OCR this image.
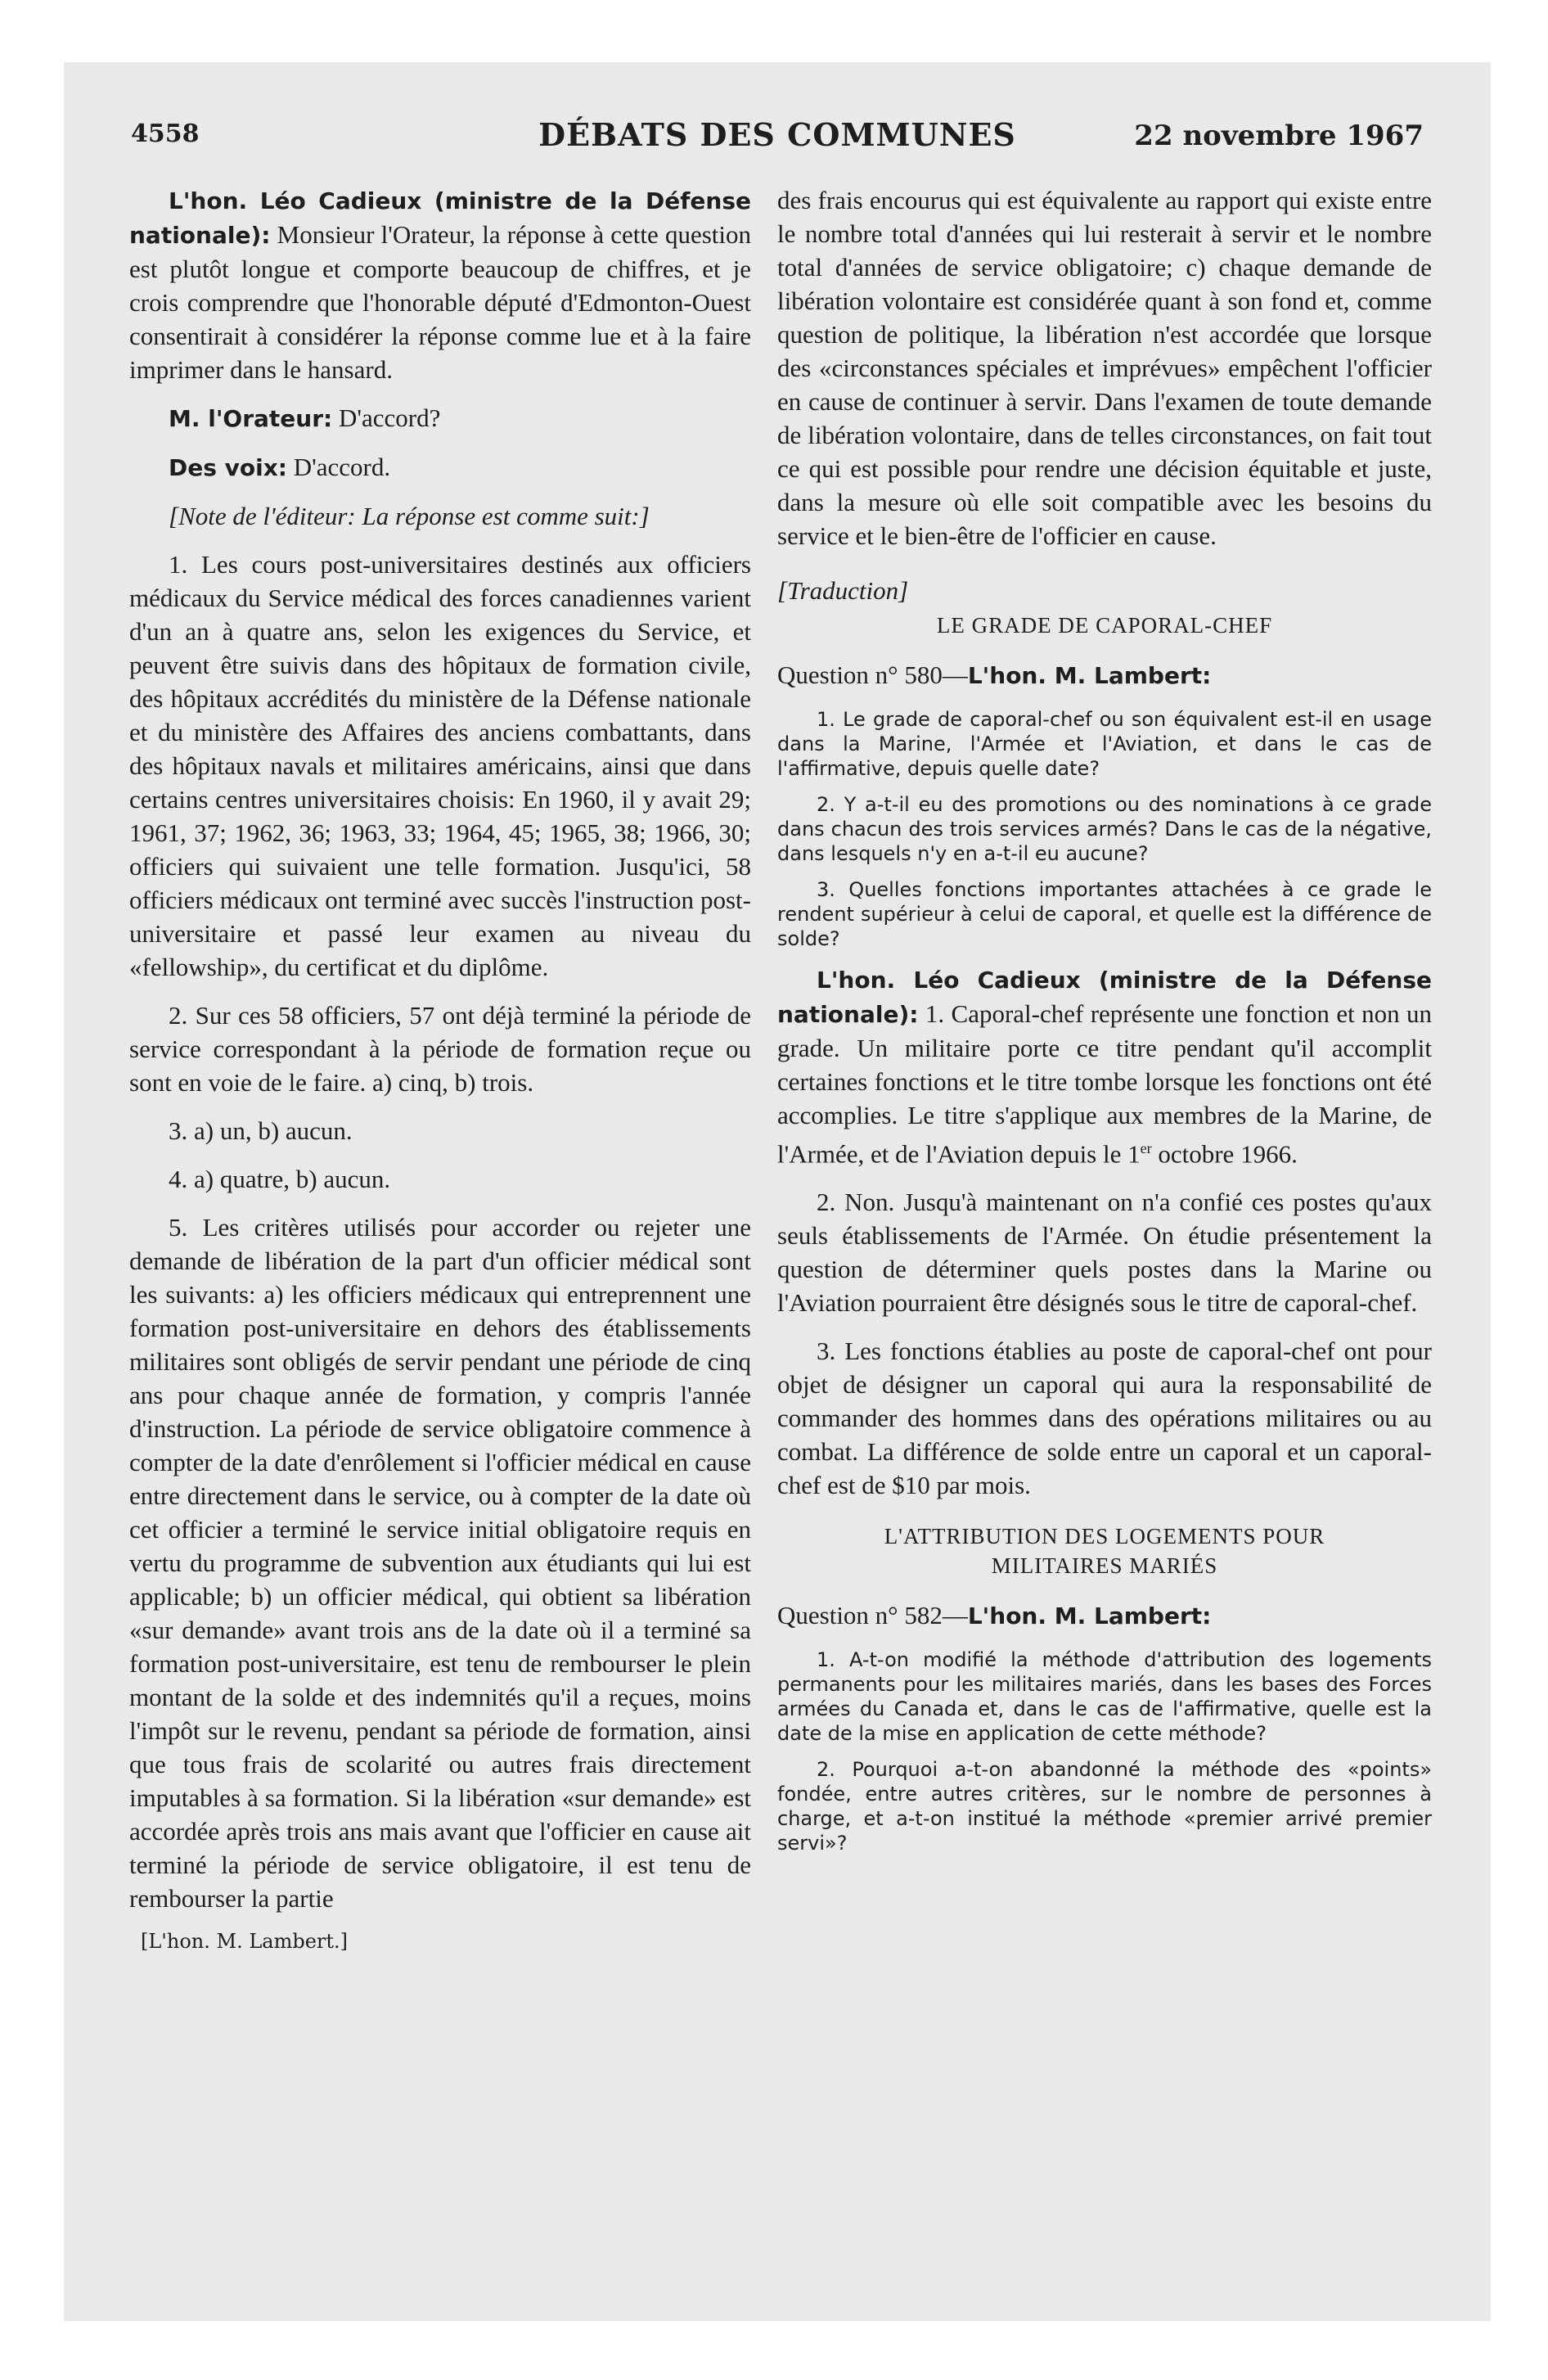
4558	DÉBATS DES COMMUNES	22 novembre 1967

L'hon. Léo Cadieux (ministre de la Défense nationale): Monsieur l'Orateur, la réponse à cette question est plutôt longue et comporte beaucoup de chiffres, et je crois comprendre que l'honorable député d'Edmonton-Ouest consentirait à considérer la réponse comme lue et à la faire imprimer dans le hansard.

M. l'Orateur: D'accord?

Des voix: D'accord.

[Note de l'éditeur: La réponse est comme suit:]

1. Les cours post-universitaires destinés aux officiers médicaux du Service médical des forces canadiennes varient d'un an à quatre ans, selon les exigences du Service, et peuvent être suivis dans des hôpitaux de formation civile, des hôpitaux accrédités du ministère de la Défense nationale et du ministère des Affaires des anciens combattants, dans des hôpitaux navals et militaires américains, ainsi que dans certains centres universitaires choisis: En 1960, il y avait 29; 1961, 37; 1962, 36; 1963, 33; 1964, 45; 1965, 38; 1966, 30; officiers qui suivaient une telle formation. Jusqu'ici, 58 officiers médicaux ont terminé avec succès l'instruction post-universitaire et passé leur examen au niveau du «fellowship», du certificat et du diplôme.

2. Sur ces 58 officiers, 57 ont déjà terminé la période de service correspondant à la période de formation reçue ou sont en voie de le faire. a) cinq, b) trois.

3. a) un, b) aucun.

4. a) quatre, b) aucun.

5. Les critères utilisés pour accorder ou rejeter une demande de libération de la part d'un officier médical sont les suivants: a) les officiers médicaux qui entreprennent une formation post-universitaire en dehors des établissements militaires sont obligés de servir pendant une période de cinq ans pour chaque année de formation, y compris l'année d'instruction. La période de service obligatoire commence à compter de la date d'enrôlement si l'officier médical en cause entre directement dans le service, ou à compter de la date où cet officier a terminé le service initial obligatoire requis en vertu du programme de subvention aux étudiants qui lui est applicable; b) un officier médical, qui obtient sa libération «sur demande» avant trois ans de la date où il a terminé sa formation post-universitaire, est tenu de rembourser le plein montant de la solde et des indemnités qu'il a reçues, moins l'impôt sur le revenu, pendant sa période de formation, ainsi que tous frais de scolarité ou autres frais directement imputables à sa formation. Si la libération «sur demande» est accordée après trois ans mais avant que l'officier en cause ait terminé la période de service obligatoire, il est tenu de rembourser la partie

[L'hon. M. Lambert.]

des frais encourus qui est équivalente au rapport qui existe entre le nombre total d'années qui lui resterait à servir et le nombre total d'années de service obligatoire; c) chaque demande de libération volontaire est considérée quant à son fond et, comme question de politique, la libération n'est accordée que lorsque des «circonstances spéciales et imprévues» empêchent l'officier en cause de continuer à servir. Dans l'examen de toute demande de libération volontaire, dans de telles circonstances, on fait tout ce qui est possible pour rendre une décision équitable et juste, dans la mesure où elle soit compatible avec les besoins du service et le bien-être de l'officier en cause.

[Traduction]

LE GRADE DE CAPORAL-CHEF

Question n° 580—L'hon. M. Lambert:

1. Le grade de caporal-chef ou son équivalent est-il en usage dans la Marine, l'Armée et l'Aviation, et dans le cas de l'affirmative, depuis quelle date?

2. Y a-t-il eu des promotions ou des nominations à ce grade dans chacun des trois services armés? Dans le cas de la négative, dans lesquels n'y en a-t-il eu aucune?

3. Quelles fonctions importantes attachées à ce grade le rendent supérieur à celui de caporal, et quelle est la différence de solde?

L'hon. Léo Cadieux (ministre de la Défense nationale): 1. Caporal-chef représente une fonction et non un grade. Un militaire porte ce titre pendant qu'il accomplit certaines fonctions et le titre tombe lorsque les fonctions ont été accomplies. Le titre s'applique aux membres de la Marine, de l'Armée, et de l'Aviation depuis le 1er octobre 1966.

2. Non. Jusqu'à maintenant on n'a confié ces postes qu'aux seuls établissements de l'Armée. On étudie présentement la question de déterminer quels postes dans la Marine ou l'Aviation pourraient être désignés sous le titre de caporal-chef.

3. Les fonctions établies au poste de caporal-chef ont pour objet de désigner un caporal qui aura la responsabilité de commander des hommes dans des opérations militaires ou au combat. La différence de solde entre un caporal et un caporal-chef est de $10 par mois.

L'ATTRIBUTION DES LOGEMENTS POUR
MILITAIRES MARIÉS

Question n° 582—L'hon. M. Lambert:

1. A-t-on modifié la méthode d'attribution des logements permanents pour les militaires mariés, dans les bases des Forces armées du Canada et, dans le cas de l'affirmative, quelle est la date de la mise en application de cette méthode?

2. Pourquoi a-t-on abandonné la méthode des «points» fondée, entre autres critères, sur le nombre de personnes à charge, et a-t-on institué la méthode «premier arrivé premier servi»?
